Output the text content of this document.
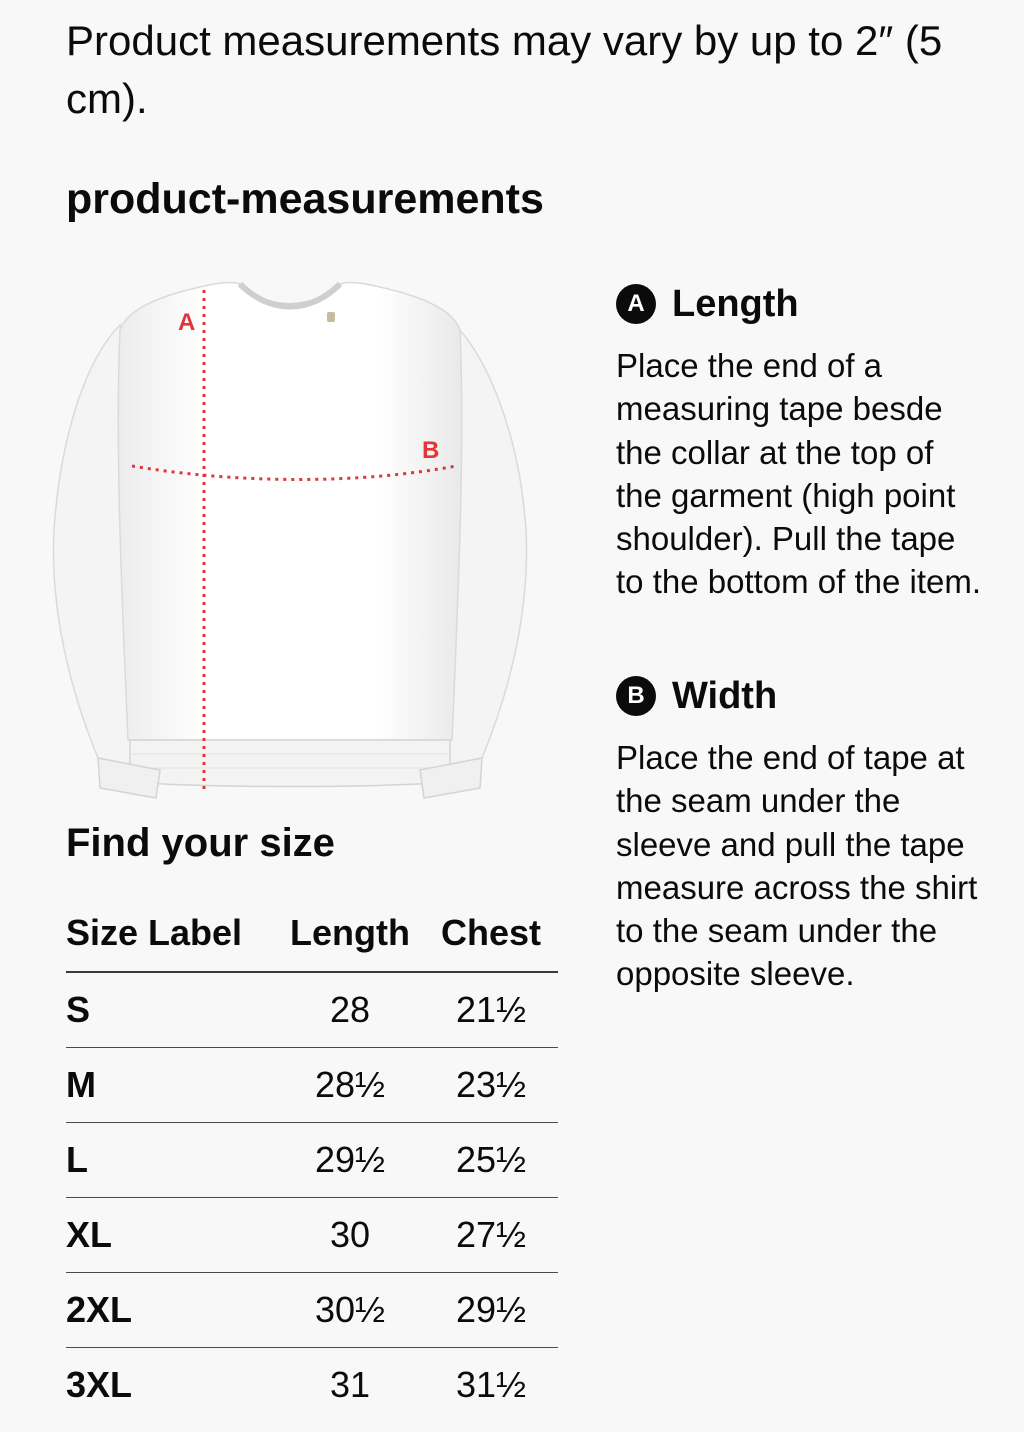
Product measurements may vary by up to 2″ (5 cm).

product-measurements
A
B
Find your size
Size Label	Length	Chest
S	28	21½
M	28½	23½
L	29½	25½
XL	30	27½
2XL	30½	29½
3XL	31	31½
A Length

Place the end of a measuring tape besde the collar at the top of the garment (high point shoulder). Pull the tape to the bottom of the item.

B Width

Place the end of tape at the seam under the sleeve and pull the tape measure across the shirt to the seam under the opposite sleeve.
